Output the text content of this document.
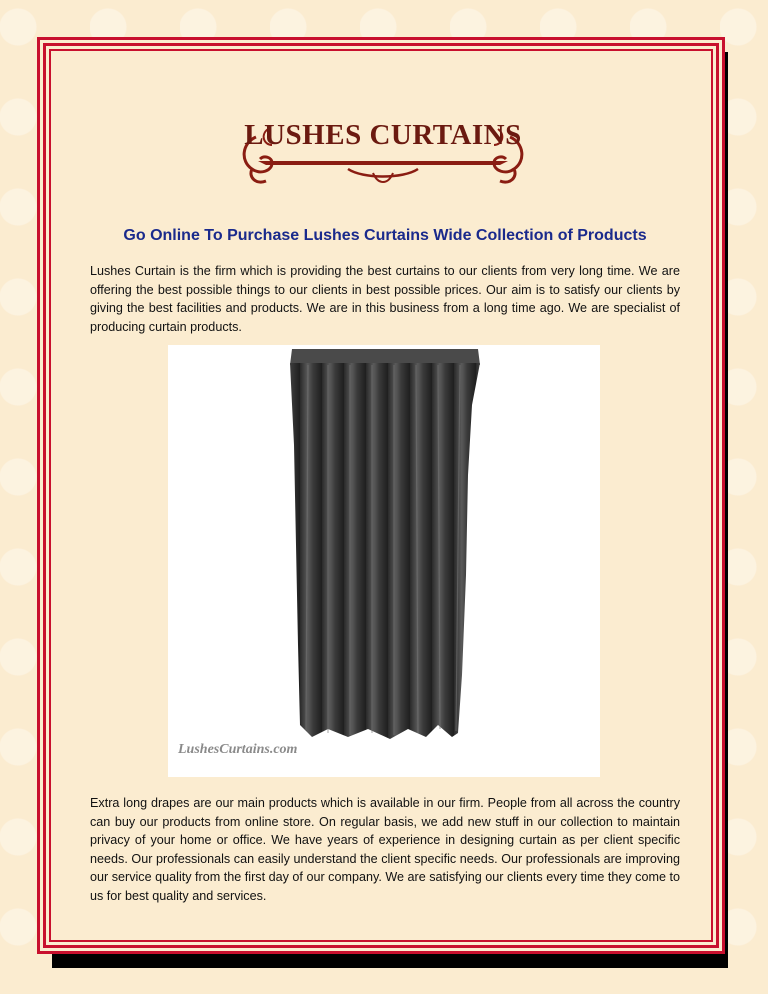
LUSHES CURTAINS
Go Online To Purchase Lushes Curtains Wide Collection of Products

Lushes Curtain is the firm which is providing the best curtains to our clients from very long time. We are offering the best possible things to our clients in best possible prices. Our aim is to satisfy our clients by giving the best facilities and products. We are in this business from a long time ago. We are specialist of producing curtain products.

LushesCurtains.com

Extra long drapes are our main products which is available in our firm. People from all across the country can buy our products from online store. On regular basis, we add new stuff in our collection to maintain privacy of your home or office. We have years of experience in designing curtain as per client specific needs. Our professionals can easily understand the client specific needs. Our professionals are improving our service quality from the first day of our company. We are satisfying our clients every time they come to us for best quality and services.
